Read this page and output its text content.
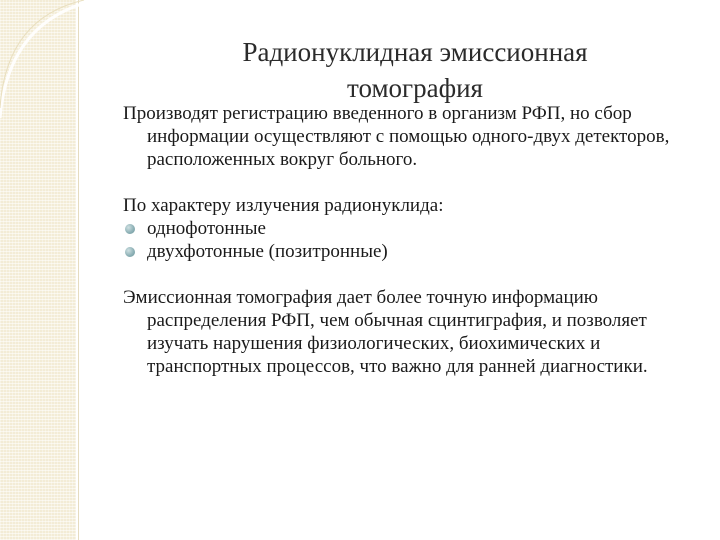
Радионуклидная эмиссионная
томография

Производят регистрацию введенного в организм РФП, но сбор информации осуществляют с помощью одного-двух детекторов, расположенных вокруг больного.

По характеру излучения радионуклида:

однофотонные
двухфотонные (позитронные)

Эмиссионная томография дает более точную информацию распределения РФП, чем обычная сцинтиграфия, и позволяет изучать нарушения физиологических, биохимических и транспортных процессов, что важно для ранней диагностики.
